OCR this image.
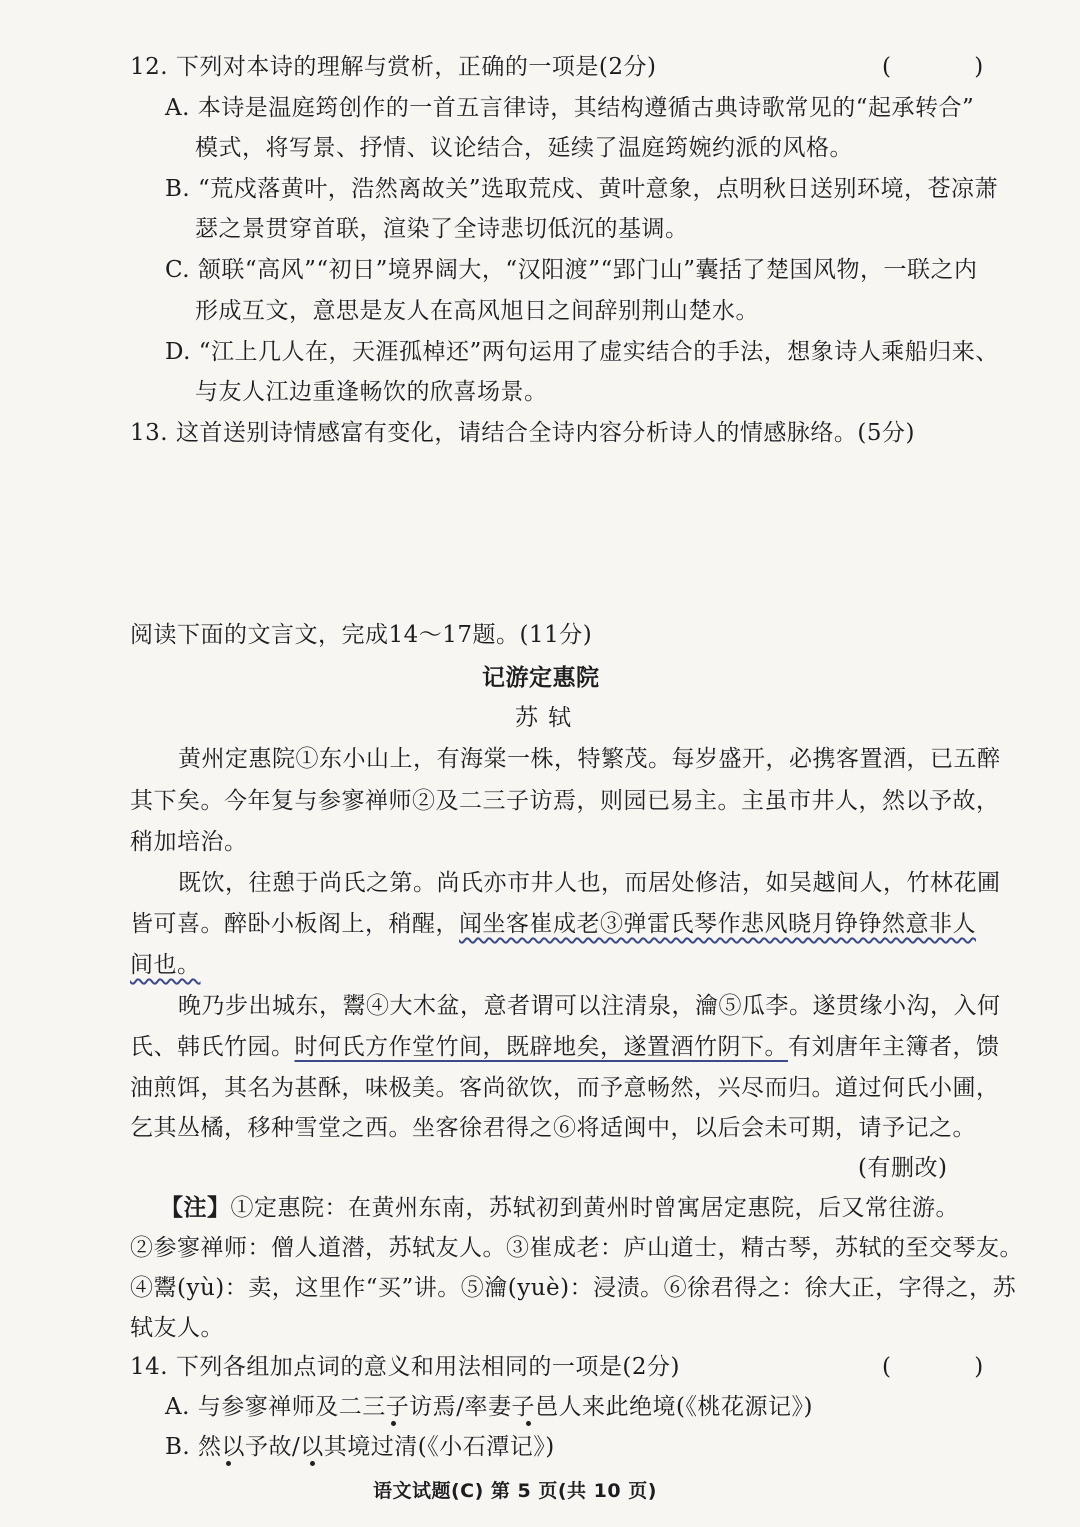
12. 下列对本诗的理解与赏析，正确的一项是(2分)	( )
A. 本诗是温庭筠创作的一首五言律诗，其结构遵循古典诗歌常见的“起承转合”
模式，将写景、抒情、议论结合，延续了温庭筠婉约派的风格。
B. “荒戍落黄叶，浩然离故关”选取荒戍、黄叶意象，点明秋日送别环境，苍凉萧
瑟之景贯穿首联，渲染了全诗悲切低沉的基调。
C. 颔联“高风”“初日”境界阔大，“汉阳渡”“郢门山”囊括了楚国风物，一联之内
形成互文，意思是友人在高风旭日之间辞别荆山楚水。
D. “江上几人在，天涯孤棹还”两句运用了虚实结合的手法，想象诗人乘船归来、
与友人江边重逢畅饮的欣喜场景。
13. 这首送别诗情感富有变化，请结合全诗内容分析诗人的情感脉络。(5分)
阅读下面的文言文，完成14～17题。(11分)
记游定惠院
苏轼
黄州定惠院①东小山上，有海棠一株，特繁茂。每岁盛开，必携客置酒，已五醉
其下矣。今年复与参寥禅师②及二三子访焉，则园已易主。主虽市井人，然以予故，
稍加培治。
既饮，往憩于尚氏之第。尚氏亦市井人也，而居处修洁，如吴越间人，竹林花圃
皆可喜。醉卧小板阁上，稍醒，闻坐客崔成老③弹雷氏琴作悲风晓月铮铮然意非人
间也。
晚乃步出城东，鬻④大木盆，意者谓可以注清泉，瀹⑤瓜李。遂贯缘小沟，入何
氏、韩氏竹园。时何氏方作堂竹间，既辟地矣，遂置酒竹阴下。有刘唐年主簿者，馈
油煎饵，其名为甚酥，味极美。客尚欲饮，而予意畅然，兴尽而归。道过何氏小圃，
乞其丛橘，移种雪堂之西。坐客徐君得之⑥将适闽中，以后会未可期，请予记之。
(有删改)
【注】①定惠院：在黄州东南，苏轼初到黄州时曾寓居定惠院，后又常往游。
②参寥禅师：僧人道潜，苏轼友人。③崔成老：庐山道士，精古琴，苏轼的至交琴友。
④鬻(yù)：卖，这里作“买”讲。⑤瀹(yuè)：浸渍。⑥徐君得之：徐大正，字得之，苏
轼友人。
14. 下列各组加点词的意义和用法相同的一项是(2分)	( )
A. 与参寥禅师及二三子访焉/率妻子邑人来此绝境(《桃花源记》)
B. 然以予故/以其境过清(《小石潭记》)
语文试题(C) 第 5 页(共 10 页)
